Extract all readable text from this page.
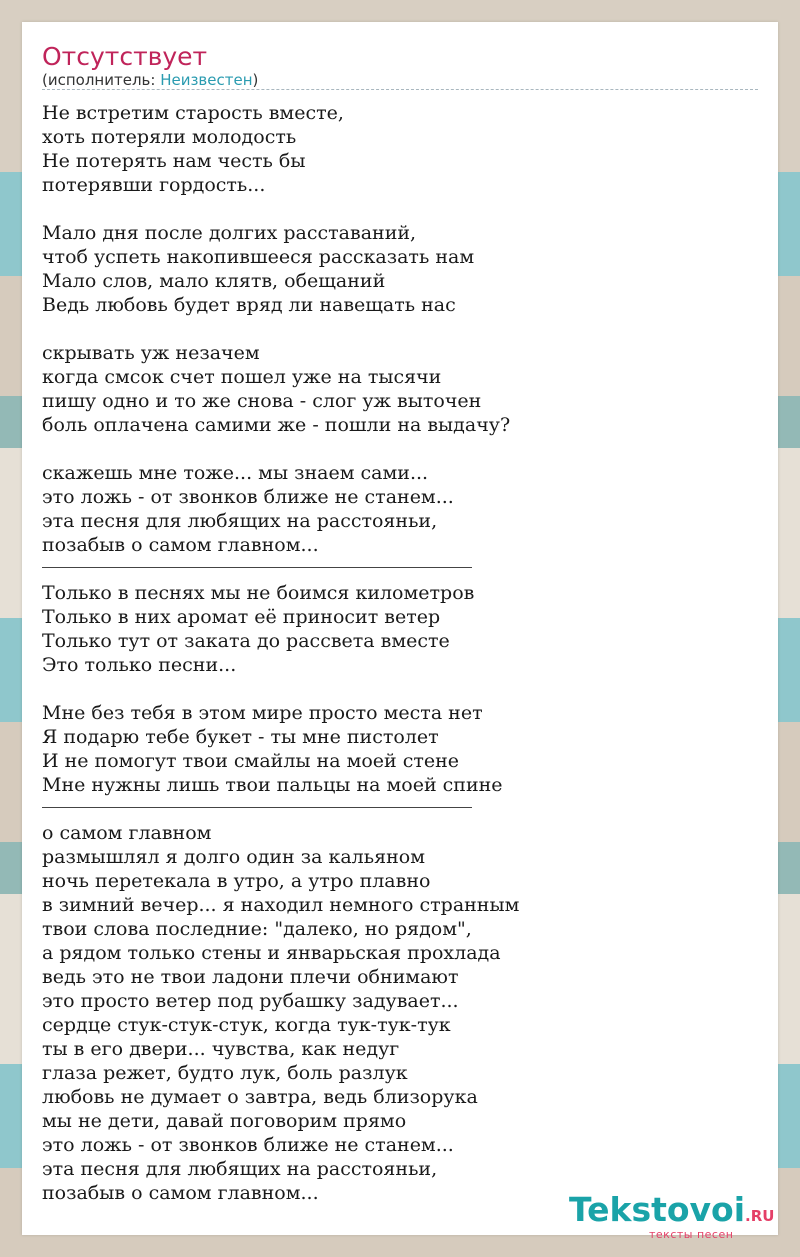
Отсутствует
(исполнитель: Неизвестен)
Не встретим старость вместе,
хоть потеряли молодость
Не потерять нам честь бы
потерявши гордость...
Мало дня после долгих расставаний,
чтоб успеть накопившееся рассказать нам
Мало слов, мало клятв, обещаний
Ведь любовь будет вряд ли навещать нас
скрывать уж незачем
когда смсок счет пошел уже на тысячи
пишу одно и то же снова - слог уж выточен
боль оплачена самими же - пошли на выдачу?
скажешь мне тоже... мы знаем сами...
это ложь - от звонков ближе не станем...
эта песня для любящих на расстояньи,
позабыв о самом главном...
Только в песнях мы не боимся километров
Только в них аромат её приносит ветер
Только тут от заката до рассвета вместе
Это только песни...
Мне без тебя в этом мире просто места нет
Я подарю тебе букет - ты мне пистолет
И не помогут твои смайлы на моей стене
Мне нужны лишь твои пальцы на моей спине
о самом главном
размышлял я долго один за кальяном
ночь перетекала в утро, а утро плавно
в зимний вечер... я находил немного странным
твои слова последние: "далеко, но рядом",
а рядом только стены и январьская прохлада
ведь это не твои ладони плечи обнимают
это просто ветер под рубашку задувает...
сердце стук-стук-стук, когда тук-тук-тук
ты в его двери... чувства, как недуг
глаза режет, будто лук, боль разлук
любовь не думает о завтра, ведь близорука
мы не дети, давай поговорим прямо
это ложь - от звонков ближе не станем...
эта песня для любящих на расстояньи,
позабыв о самом главном...	Tekstovoi.RU
тексты песен
